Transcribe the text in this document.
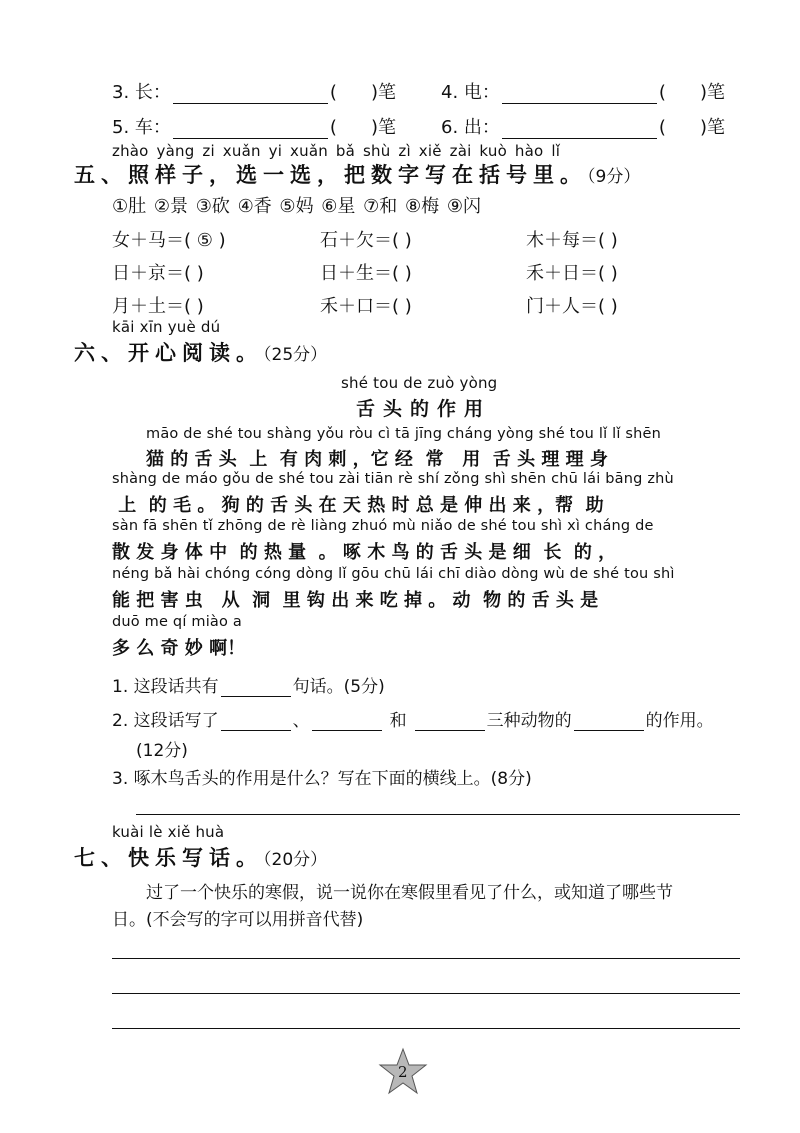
3. 长：	( )笔	4. 电：	( )笔
5. 车：	( )笔	6. 出：	( )笔
zhào yàng zi xuǎn yi xuǎn bǎ shù zì xiě zài kuò hào lǐ
五、照样子，选一选，把数字写在括号里。（9分）
①肚 ②景 ③砍 ④香 ⑤妈 ⑥星 ⑦和 ⑧梅 ⑨闪
女＋马＝( ⑤ )	石＋欠＝( )	木＋每＝( )
日＋京＝( )	日＋生＝( )	禾＋日＝( )
月＋土＝( )	禾＋口＝( )	门＋人＝( )
kāi xīn yuè dú
六、开心阅读。（25分）
shé tou de zuò yòng
舌头的作用
māo de shé tou shàng yǒu ròu cì tā jīng cháng yòng shé tou lǐ lǐ shēn
猫 的 舌 头  上  有 肉 刺 ，它 经  常   用  舌 头 理 理 身
shàng de máo gǒu de shé tou zài tiān rè shí zǒng shì shēn chū lái bāng zhù
上  的 毛 。 狗 的 舌 头 在 天 热 时 总 是 伸 出 来 ，帮  助
sàn fā shēn tǐ zhōng de rè liàng zhuó mù niǎo de shé tou shì xì cháng de
散 发 身 体 中  的 热 量  。 啄 木 鸟 的 舌 头 是 细  长  的 ，
néng bǎ hài chóng cóng dòng lǐ gōu chū lái chī diào dòng wù de shé tou shì
能 把 害 虫   从  洞  里 钩 出 来 吃 掉 。 动  物 的 舌 头 是
duō me qí miào a
多 么 奇 妙 啊！
1. 这段话共有	句话。(5分)
2. 这段话写了	、	和	三种动物的	的作用。
(12分)
3. 啄木鸟舌头的作用是什么？写在下面的横线上。(8分)
kuài lè xiě huà
七、快乐写话。（20分）
过了一个快乐的寒假，说一说你在寒假里看见了什么，或知道了哪些节
日。(不会写的字可以用拼音代替)
2
